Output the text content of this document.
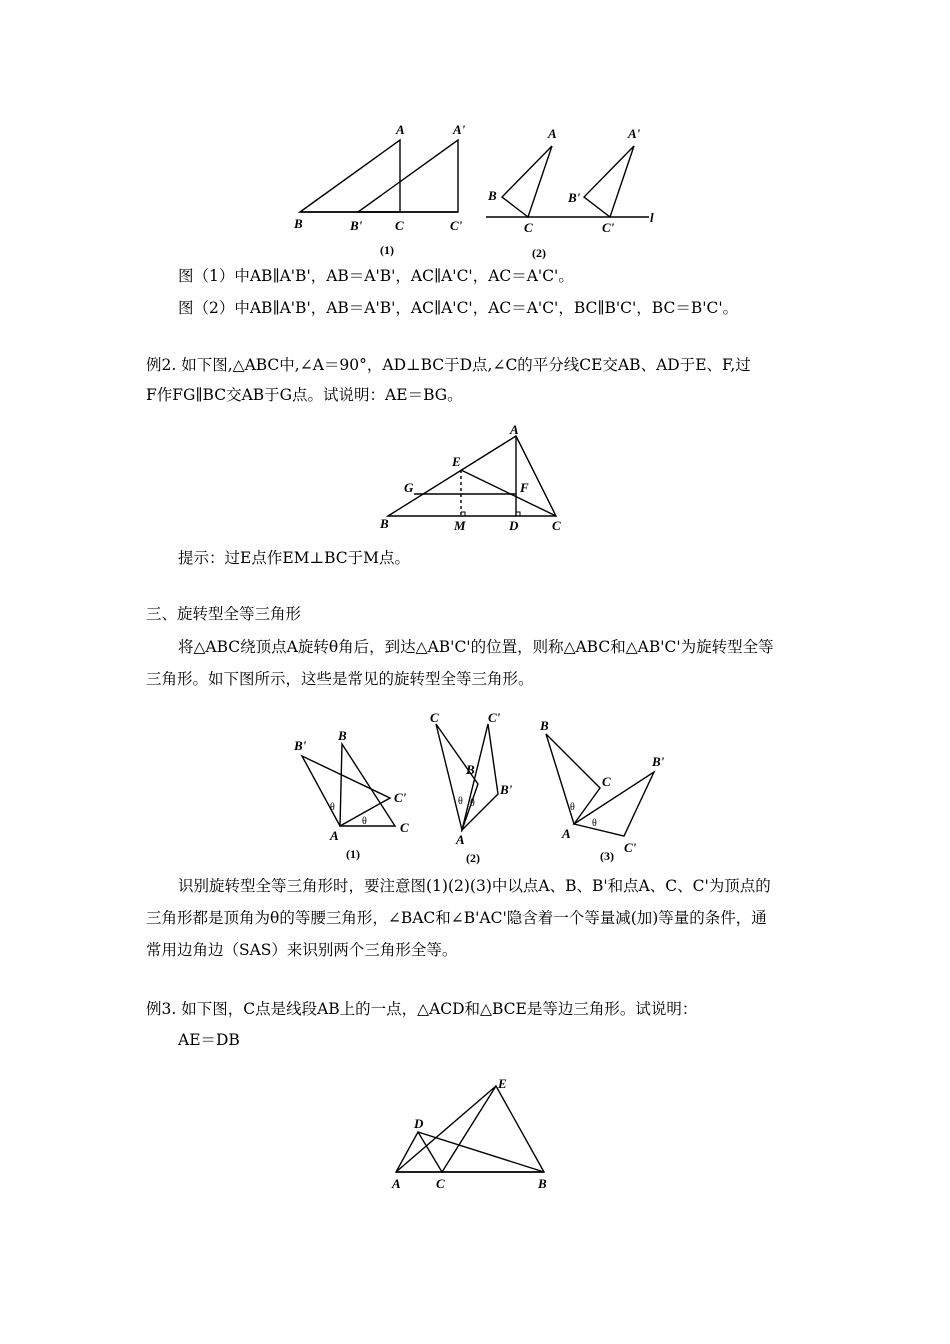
A	A'
B	B'	C	C'
(1)
A	A'
B	B'
C	C'
l
(2)
图（1）中AB∥A'B'，AB＝A'B'，AC∥A'C'，AC＝A'C'。
图（2）中AB∥A'B'，AB＝A'B'，AC∥A'C'，AC＝A'C'，BC∥B'C'，BC＝B'C'。
例2. 如下图,△ABC中,∠A＝90°，AD⊥BC于D点,∠C的平分线CE交AB、AD于E、F,过
F作FG∥BC交AB于G点。试说明：AE＝BG。
A
B	C
D
E
F
G
M
提示：过E点作EM⊥BC于M点。
三、旋转型全等三角形
将△ABC绕顶点A旋转θ角后，到达△AB'C'的位置，则称△ABC和△AB'C'为旋转型全等
三角形。如下图所示，这些是常见的旋转型全等三角形。
B
B'
C'
C
A
θ
θ
(1)
C	C'
B
B'
A
θ θ
(2)
B
C
B'
C'
A
θ
θ
(3)
识别旋转型全等三角形时，要注意图(1)(2)(3)中以点A、B、B'和点A、C、C'为顶点的
三角形都是顶角为θ的等腰三角形，∠BAC和∠B'AC'隐含着一个等量减(加)等量的条件，通
常用边角边（SAS）来识别两个三角形全等。
例3. 如下图，C点是线段AB上的一点，△ACD和△BCE是等边三角形。试说明：
AE＝DB
E
D
A	C	B
